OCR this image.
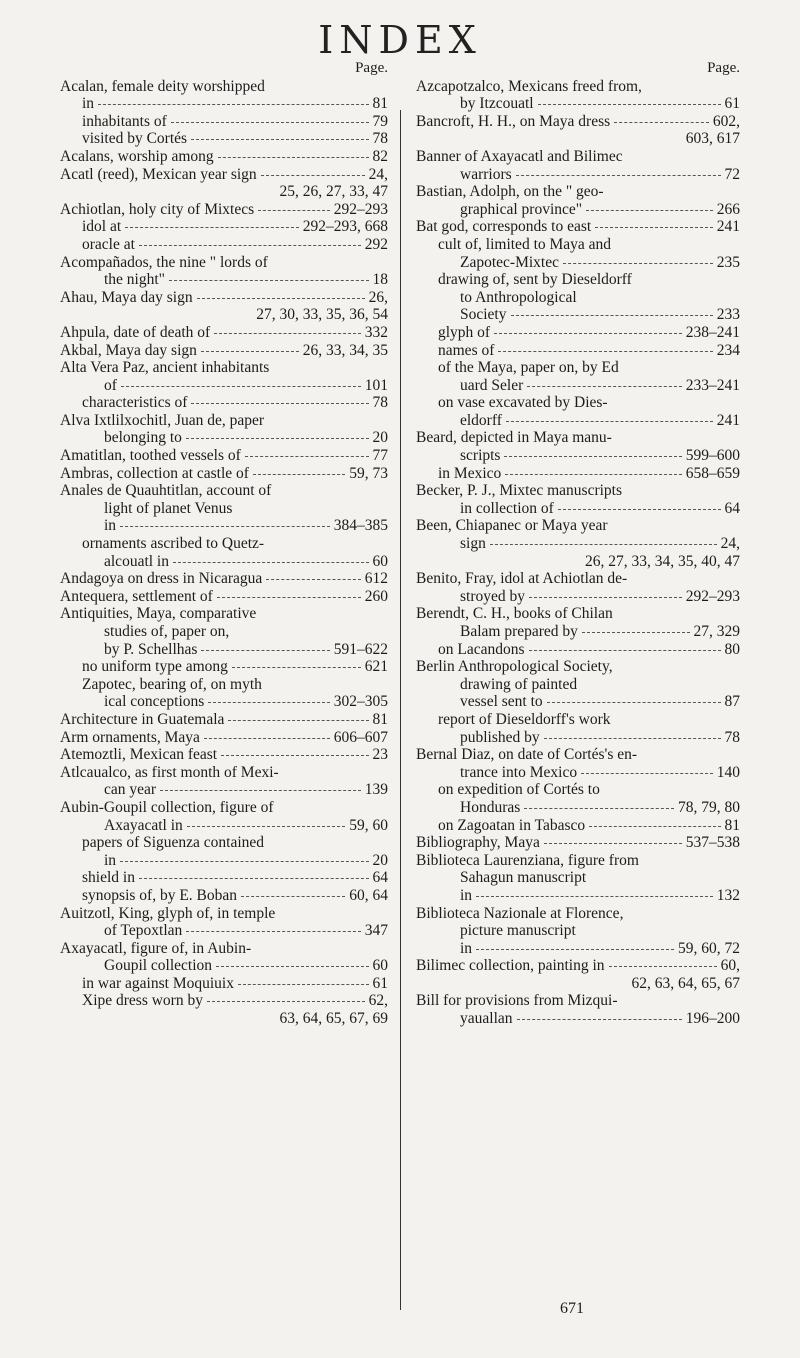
INDEX
Page.
Acalan, female deity worshipped
in	81
inhabitants of	79
visited by Cortés	78
Acalans, worship among	82
Acatl (reed), Mexican year sign	24,
25, 26, 27, 33, 47
Achiotlan, holy city of Mixtecs	292–293
idol at	292–293, 668
oracle at	292
Acompañados, the nine " lords of
the night"	18
Ahau, Maya day sign	26,
27, 30, 33, 35, 36, 54
Ahpula, date of death of	332
Akbal, Maya day sign	26, 33, 34, 35
Alta Vera Paz, ancient inhabitants
of	101
characteristics of	78
Alva Ixtlilxochitl, Juan de, paper
belonging to	20
Amatitlan, toothed vessels of	77
Ambras, collection at castle of	59, 73
Anales de Quauhtitlan, account of
light of planet Venus
in	384–385
ornaments ascribed to Quetz-
alcouatl in	60
Andagoya on dress in Nicaragua	612
Antequera, settlement of	260
Antiquities, Maya, comparative
studies of, paper on,
by P. Schellhas	591–622
no uniform type among	621
Zapotec, bearing of, on myth
ical conceptions	302–305
Architecture in Guatemala	81
Arm ornaments, Maya	606–607
Atemoztli, Mexican feast	23
Atlcaualco, as first month of Mexi-
can year	139
Aubin-Goupil collection, figure of
Axayacatl in	59, 60
papers of Siguenza contained
in	20
shield in	64
synopsis of, by E. Boban	60, 64
Auitzotl, King, glyph of, in temple
of Tepoxtlan	347
Axayacatl, figure of, in Aubin-
Goupil collection	60
in war against Moquiuix	61
Xipe dress worn by	62,
63, 64, 65, 67, 69
Page.
Azcapotzalco, Mexicans freed from,
by Itzcouatl	61
Bancroft, H. H., on Maya dress	602,
603, 617
Banner of Axayacatl and Bilimec
warriors	72
Bastian, Adolph, on the " geo-
graphical province"	266
Bat god, corresponds to east	241
cult of, limited to Maya and
Zapotec-Mixtec	235
drawing of, sent by Dieseldorff
to Anthropological
Society	233
glyph of	238–241
names of	234
of the Maya, paper on, by Ed
uard Seler	233–241
on vase excavated by Dies-
eldorff	241
Beard, depicted in Maya manu-
scripts	599–600
in Mexico	658–659
Becker, P. J., Mixtec manuscripts
in collection of	64
Been, Chiapanec or Maya year
sign	24,
26, 27, 33, 34, 35, 40, 47
Benito, Fray, idol at Achiotlan de-
stroyed by	292–293
Berendt, C. H., books of Chilan
Balam prepared by	27, 329
on Lacandons	80
Berlin Anthropological Society,
drawing of painted
vessel sent to	87
report of Dieseldorff's work
published by	78
Bernal Diaz, on date of Cortés's en-
trance into Mexico	140
on expedition of Cortés to
Honduras	78, 79, 80
on Zagoatan in Tabasco	81
Bibliography, Maya	537–538
Biblioteca Laurenziana, figure from
Sahagun manuscript
in	132
Biblioteca Nazionale at Florence,
picture manuscript
in	59, 60, 72
Bilimec collection, painting in	60,
62, 63, 64, 65, 67
Bill for provisions from Mizqui-
yauallan	196–200
671
